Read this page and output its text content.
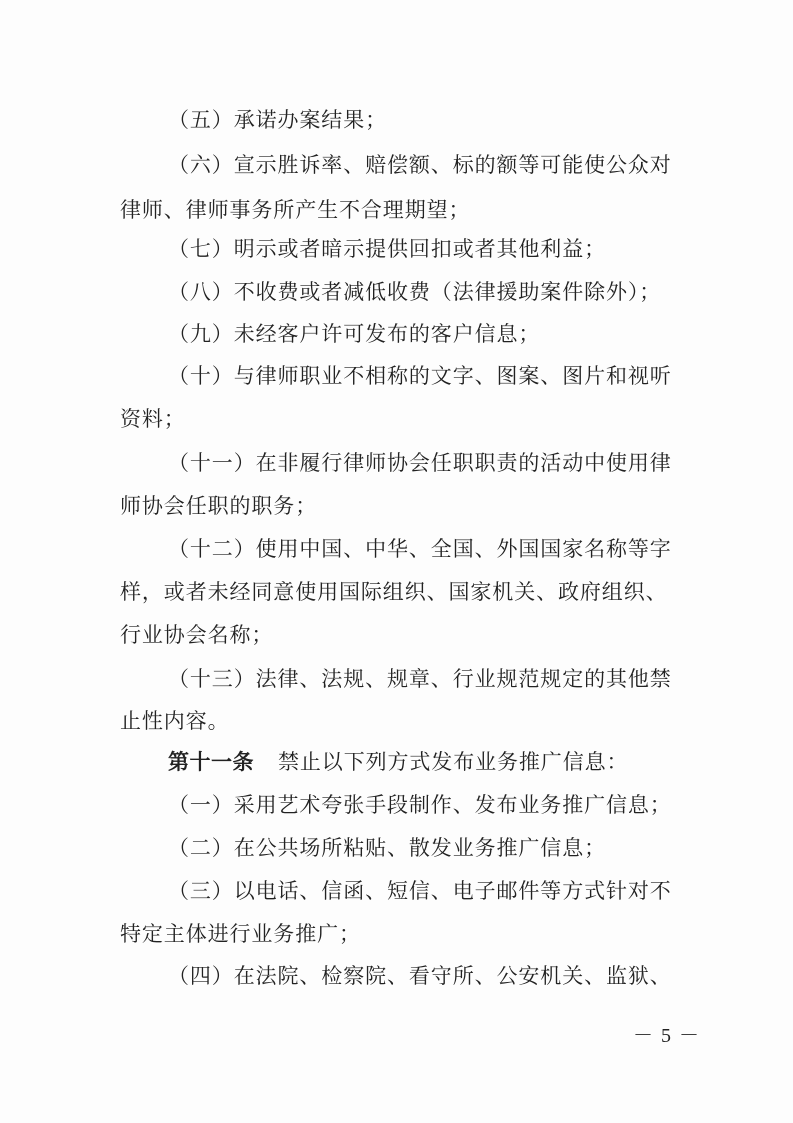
（五）承诺办案结果；
（六）宣示胜诉率、赔偿额、标的额等可能使公众对
律师、律师事务所产生不合理期望；
（七）明示或者暗示提供回扣或者其他利益；
（八）不收费或者减低收费（法律援助案件除外）；
（九）未经客户许可发布的客户信息；
（十）与律师职业不相称的文字、图案、图片和视听
资料；
（十一）在非履行律师协会任职职责的活动中使用律
师协会任职的职务；
（十二）使用中国、中华、全国、外国国家名称等字
样，或者未经同意使用国际组织、国家机关、政府组织、
行业协会名称；
（十三）法律、法规、规章、行业规范规定的其他禁
止性内容。
第十一条 禁止以下列方式发布业务推广信息：
（一）采用艺术夸张手段制作、发布业务推广信息；
（二）在公共场所粘贴、散发业务推广信息；
（三）以电话、信函、短信、电子邮件等方式针对不
特定主体进行业务推广；
（四）在法院、检察院、看守所、公安机关、监狱、
－5－
